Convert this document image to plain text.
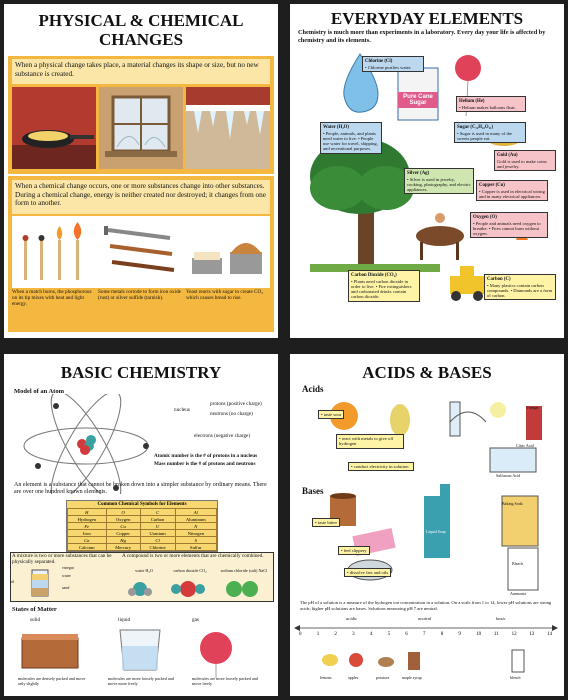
PHYSICAL & CHEMICAL
CHANGES
When a physical change takes place, a material changes its shape or size, but no new substance is created.
When a chemical change occurs, one or more substances change into other substances. During a chemical change, energy is neither created nor destroyed; it changes from one form to another.
When a match burns, the phosphorous on its tip mixes with heat and light energy.
Some metals corrode to form iron oxide (rust) or silver sulfide (tarnish).
Yeast reacts with sugar to create CO₂ which causes bread to rise.
EVERYDAY ELEMENTS
Chemistry is much more than experiments in a laboratory. Every day your life is affected by chemistry and its elements.
Chlorine (Cl)
• Chlorine purifies water.
Helium (He)
• Helium makes balloons float.
Water (H₂O)
• People, animals, and plants need water to live. • People use water for travel, shipping, and recreational purposes.
Sugar (C₁₂H₂₂O₁₁)
• Sugar is used in many of the sweets people eat.
Gold (Au)
Gold is used to make coins and jewelry.
Silver (Ag)
• Silver is used in jewelry, cooking, photography, and electric appliances.
Copper (Cu)
• Copper is used in electrical wiring and in many electrical appliances.
Oxygen (O)
• People and animals need oxygen to breathe. • Fires cannot burn without oxygen.
Carbon Dioxide (CO₂)
• Plants need carbon dioxide in order to live. • Fire extinguishers and carbonated drinks contain carbon dioxide.
Carbon (C)
• Many plastics contain carbon compounds. • Diamonds are a form of carbon.
Pure Cane Sugar
BASIC CHEMISTRY
Model of an Atom
nucleus
protons (positive charge)
neutrons (no charge)
electrons (negative charge)
Atomic number is the # of protons in a nucleus
Mass number is the # of protons and neutrons
An element is a substance that cannot be broken down into a simpler substance by ordinary means. There are over one hundred known elements.
Common Chemical Symbols for Elements
H	O	C	Al
Hydrogen	Oxygen	Carbon	Aluminum
Fe	Cu	U	N
Iron	Copper	Uranium	Nitrogen
Ca	Hg	Cl	S
Calcium	Mercury	Chlorine	Sulfur
A mixture is two or more substances that can be physically separated.
vinegar
water
oil
sand
A compound is two or more elements that are chemically combined.
water H₂O	carbon dioxide CO₂	sodium chloride (salt) NaCl
States of Matter
solid	liquid	gas
molecules are densely packed and move only slightly
molecules are more loosely packed and move more freely
molecules are more loosely packed and move freely
ACIDS & BASES
Acids
• taste sour
• react with metals to give off hydrogen
• conduct electricity in solution
Vinegar
Citric Acid
Sulfurous Acid
Bases
• taste bitter
• feel slippery
• dissolve fats and oils
Baking Soda
Liquid Soap
Bleach
Ammonia
The pH of a solution is a measure of the hydrogen ion concentration in a solution. On a scale from 1 to 14, lower pH solutions are strong acids; higher pH solutions are bases. Solutions measuring pH 7 are neutral.
acidic	neutral	basic
0	1	2	3	4	5	6	7	8	9	10	11	12	13	14
lemons	apples	potatoes	maple syrup	bleach
